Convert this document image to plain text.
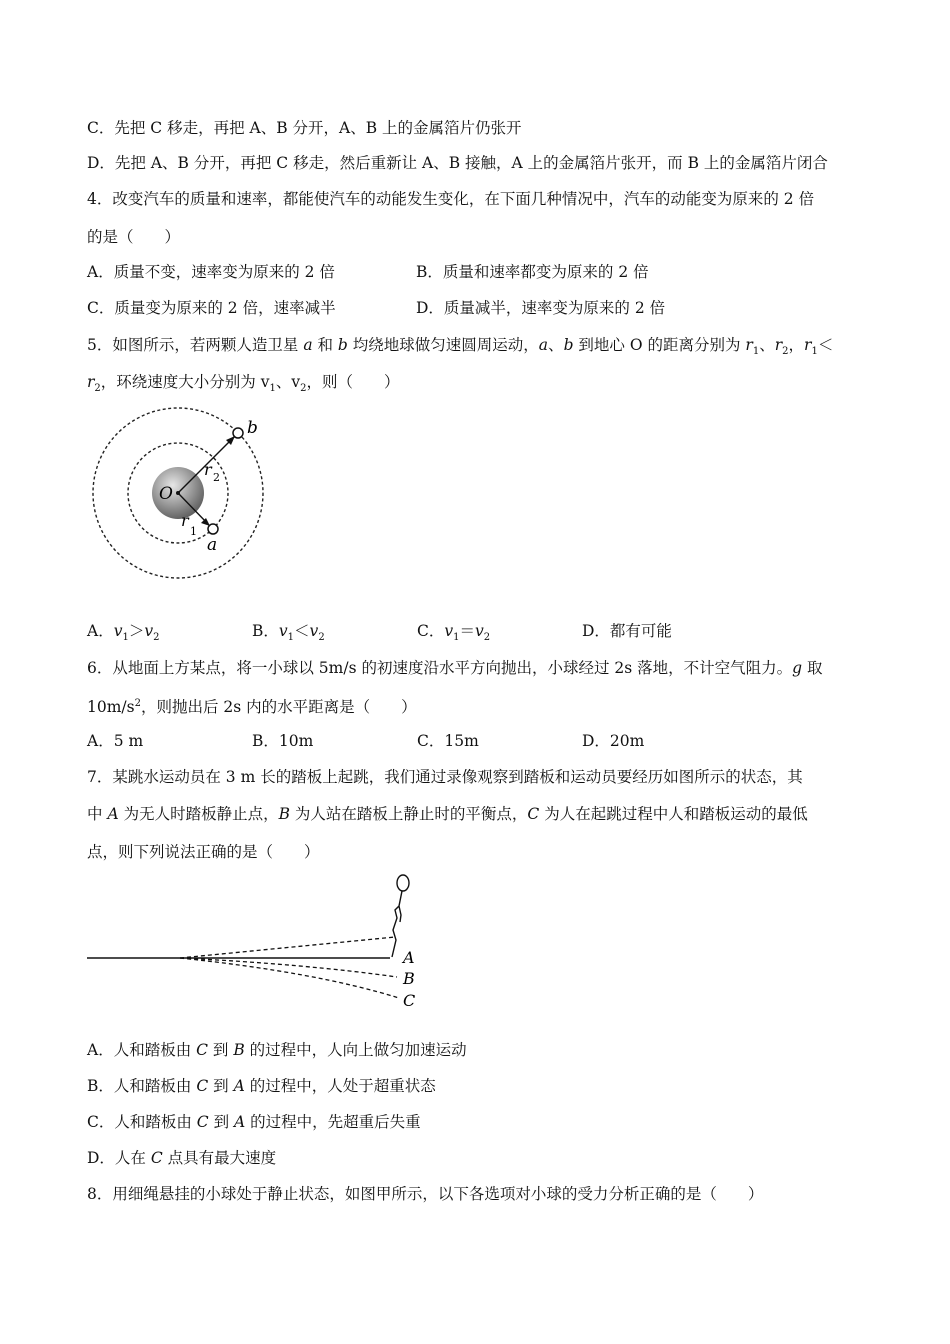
C．先把 C 移走，再把 A、B 分开，A、B 上的金属箔片仍张开
D．先把 A、B 分开，再把 C 移走，然后重新让 A、B 接触，A 上的金属箔片张开，而 B 上的金属箔片闭合
4．改变汽车的质量和速率，都能使汽车的动能发生变化，在下面几种情况中，汽车的动能变为原来的 2 倍
的是（　　）
A．质量不变，速率变为原来的 2 倍	B．质量和速率都变为原来的 2 倍
C．质量变为原来的 2 倍，速率减半	D．质量减半，速率变为原来的 2 倍
5．如图所示，若两颗人造卫星 a 和 b 均绕地球做匀速圆周运动，a、b 到地心 O 的距离分别为 $r_1$、$r_2$，$r_1<$
$r_2$，环绕速度大小分别为 $v_1$、$v_2$，则（　　）
b
a
O
r 2
r
1
A．$v_1>v_2$	B．$v_1<v_2$	C．$v_1=v_2$	D．都有可能
6．从地面上方某点，将一小球以 5m/s 的初速度沿水平方向抛出，小球经过 2s 落地，不计空气阻力。g 取
$10m/s^2$，则抛出后 2s 内的水平距离是（　　）
A．5 m	B．10m	C．15m	D．20m
7．某跳水运动员在 3 m 长的踏板上起跳，我们通过录像观察到踏板和运动员要经历如图所示的状态，其
中 A 为无人时踏板静止点，B 为人站在踏板上静止时的平衡点，C 为人在起跳过程中人和踏板运动的最低
点，则下列说法正确的是（　　）
A
B
C
A．人和踏板由 C 到 B 的过程中，人向上做匀加速运动
B．人和踏板由 C 到 A 的过程中，人处于超重状态
C．人和踏板由 C 到 A 的过程中，先超重后失重
D．人在 C 点具有最大速度
8．用细绳悬挂的小球处于静止状态，如图甲所示，以下各选项对小球的受力分析正确的是（　　）
